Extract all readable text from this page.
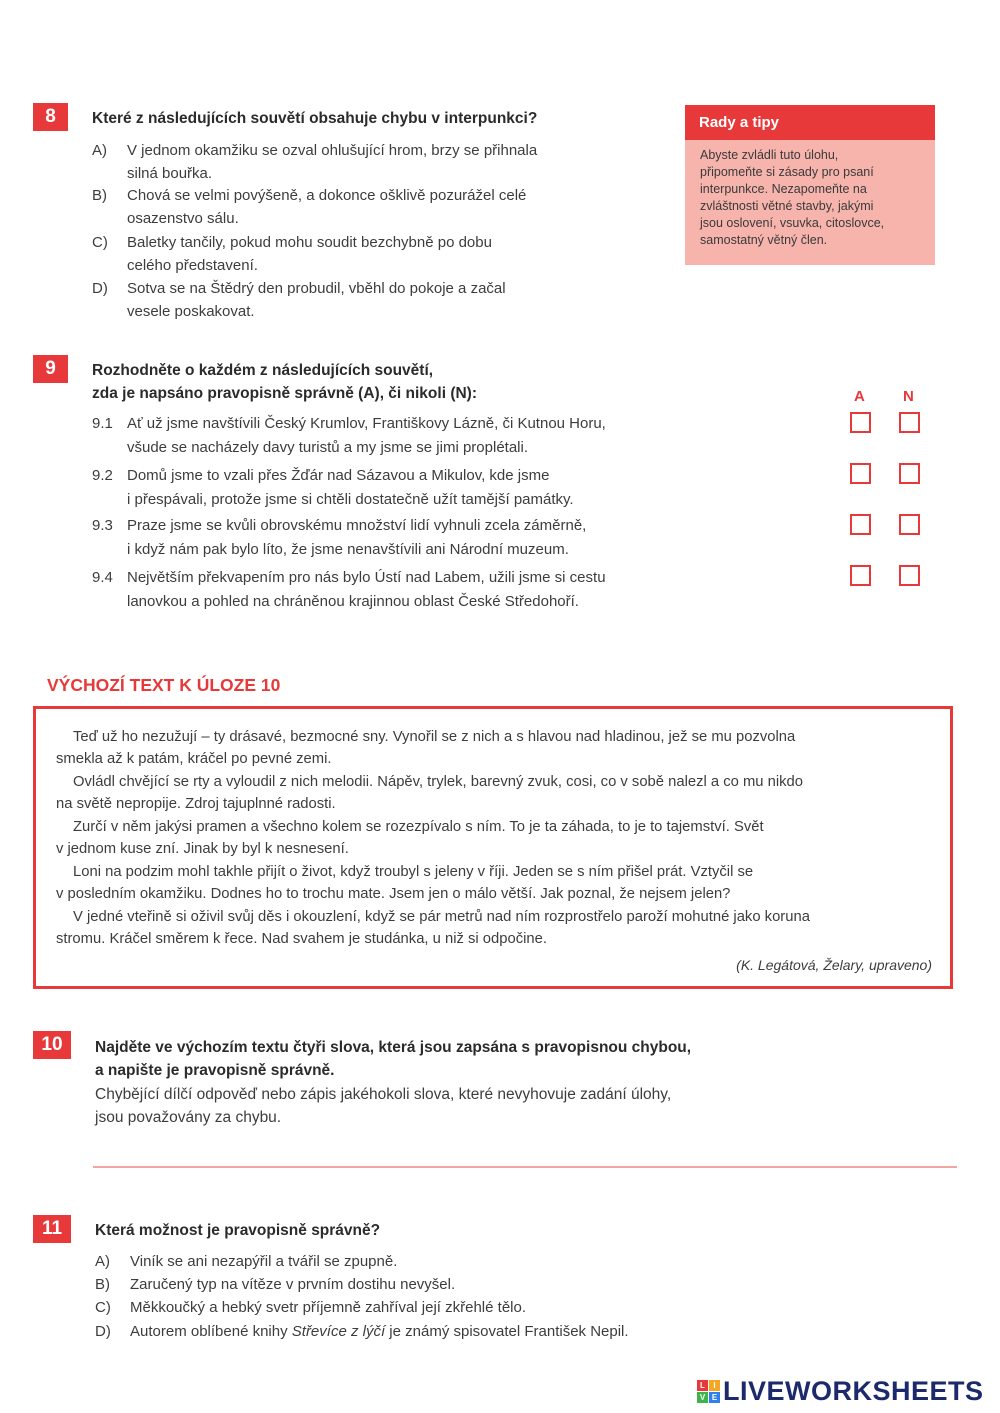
8	Které z následujících souvětí obsahuje chybu v interpunkci?
A) V jednom okamžiku se ozval ohlušující hrom, brzy se přihnala
silná bouřka.
B) Chová se velmi povýšeně, a dokonce ošklivě pozurážel celé
osazenstvo sálu.
C) Baletky tančily, pokud mohu soudit bezchybně po dobu
celého představení.
D) Sotva se na Štědrý den probudil, vběhl do pokoje a začal
vesele poskakovat.
Rady a tipy
Abyste zvládli tuto úlohu,
připomeňte si zásady pro psaní
interpunkce. Nezapomeňte na
zvláštnosti větné stavby, jakými
jsou oslovení, vsuvka, citoslovce,
samostatný větný člen.
9	Rozhodněte o každém z následujících souvětí,
zda je napsáno pravopisně správně (A), či nikoli (N):	A	N
9.1 Ať už jsme navštívili Český Krumlov, Františkovy Lázně, či Kutnou Horu,
všude se nacházely davy turistů a my jsme se jimi proplétali.
9.2 Domů jsme to vzali přes Žďár nad Sázavou a Mikulov, kde jsme
i přespávali, protože jsme si chtěli dostatečně užít tamější památky.
9.3 Praze jsme se kvůli obrovskému množství lidí vyhnuli zcela záměrně,
i když nám pak bylo líto, že jsme nenavštívili ani Národní muzeum.
9.4 Největším překvapením pro nás bylo Ústí nad Labem, užili jsme si cestu
lanovkou a pohled na chráněnou krajinnou oblast České Středohoří.
VÝCHOZÍ TEXT K ÚLOZE 10
Teď už ho nezužují – ty drásavé, bezmocné sny. Vynořil se z nich a s hlavou nad hladinou, jež se mu pozvolna
smekla až k patám, kráčel po pevné zemi.
Ovládl chvějící se rty a vyloudil z nich melodii. Nápěv, trylek, barevný zvuk, cosi, co v sobě nalezl a co mu nikdo
na světě nepropije. Zdroj tajuplnné radosti.
Zurčí v něm jakýsi pramen a všechno kolem se rozezpívalo s ním. To je ta záhada, to je to tajemství. Svět
v jednom kuse zní. Jinak by byl k nesnesení.
Loni na podzim mohl takhle přijít o život, když troubyl s jeleny v říji. Jeden se s ním přišel prát. Vztyčil se
v posledním okamžiku. Dodnes ho to trochu mate. Jsem jen o málo větší. Jak poznal, že nejsem jelen?
V jedné vteřině si oživil svůj děs i okouzlení, když se pár metrů nad ním rozprostřelo paroží mohutné jako koruna
stromu. Kráčel směrem k řece. Nad svahem je studánka, u niž si odpočine.
(K. Legátová, Želary, upraveno)
10	Najděte ve výchozím textu čtyři slova, která jsou zapsána s pravopisnou chybou,
a napište je pravopisně správně.
Chybějící dílčí odpověď nebo zápis jakéhokoli slova, které nevyhovuje zadání úlohy,
jsou považovány za chybu.
11	Která možnost je pravopisně správně?
A) Viník se ani nezapýřil a tvářil se zpupně.
B) Zaručený typ na vítěze v prvním dostihu nevyšel.
C) Měkkoučký a hebký svetr příjemně zahříval její zkřehlé tělo.
D) Autorem oblíbené knihy Střevíce z lýčí je známý spisovatel František Nepil.
L	I
V E LIVEWORKSHEETS
